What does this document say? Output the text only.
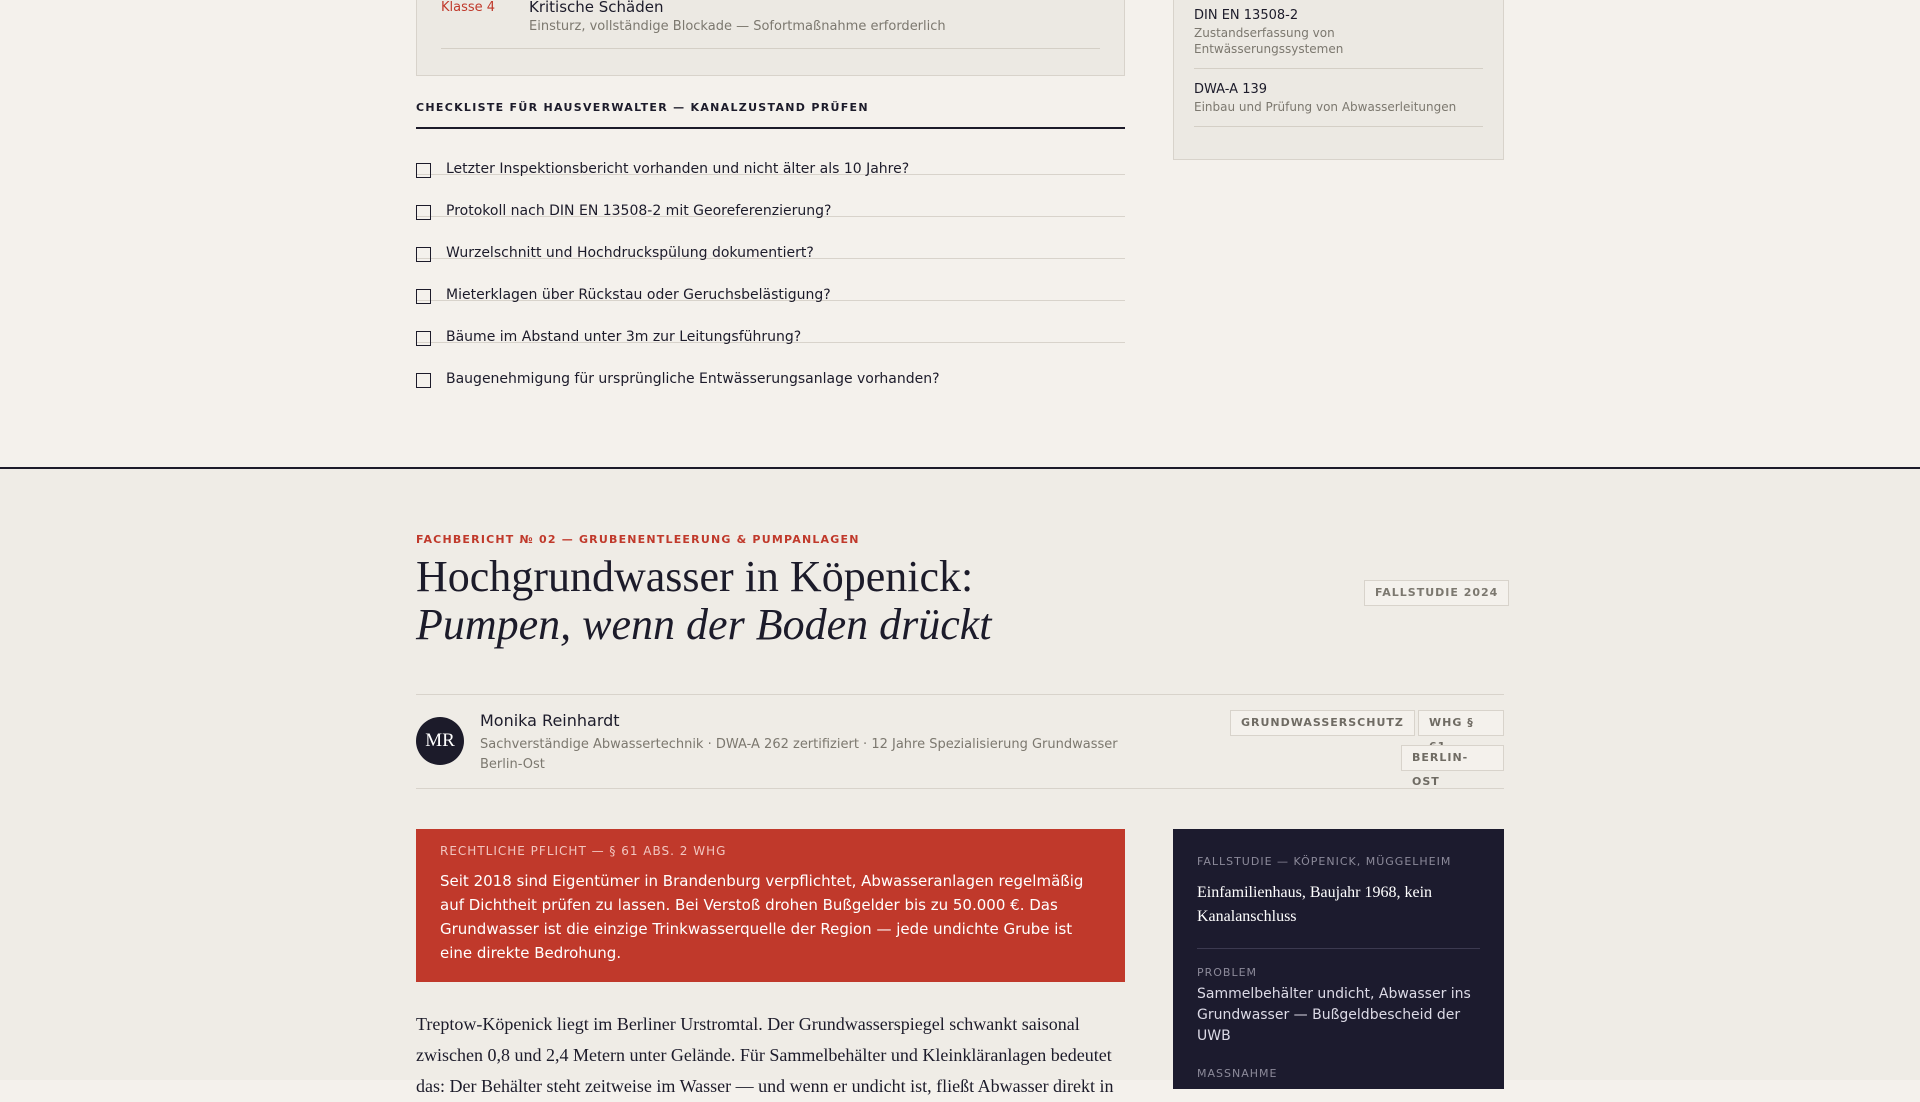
Klasse 4 Kritische Schäden
Einsturz, vollständige Blockade — Sofortmaßnahme erforderlich
CHECKLISTE FÜR HAUSVERWALTER — KANALZUSTAND PRÜFEN
Letzter Inspektionsbericht vorhanden und nicht älter als 10 Jahre?
Protokoll nach DIN EN 13508-2 mit Georeferenzierung?
Wurzelschnitt und Hochdruckspülung dokumentiert?
Mieterklagen über Rückstau oder Geruchsbelästigung?
Bäume im Abstand unter 3m zur Leitungsführung?
Baugenehmigung für ursprüngliche Entwässerungsanlage vorhanden?
DIN EN 13508-2
Zustandserfassung von Entwässerungssystemen
DWA-A 139
Einbau und Prüfung von Abwasserleitungen
FACHBERICHT № 02 — GRUBENENTLEERUNG & PUMPANLAGEN
Hochgrundwasser in Köpenick:
Pumpen, wenn der Boden drückt
FALLSTUDIE 2024
MR
Monika Reinhardt
Sachverständige Abwassertechnik · DWA-A 262 zertifiziert · 12 Jahre Spezialisierung Grundwasser Berlin-Ost
GRUNDWASSERSCHUTZ	WHG §
BERLIN-OST
RECHTLICHE PFLICHT — § 61 ABS. 2 WHG
Seit 2018 sind Eigentümer in Brandenburg verpflichtet, Abwasseranlagen regelmäßig auf Dichtheit prüfen zu lassen. Bei Verstoß drohen Bußgelder bis zu 50.000 €. Das Grundwasser ist die einzige Trinkwasserquelle der Region — jede undichte Grube ist eine direkte Bedrohung.

Treptow-Köpenick liegt im Berliner Urstromtal. Der Grundwasserspiegel schwankt saisonal zwischen 0,8 und 2,4 Metern unter Gelände. Für Sammelbehälter und Kleinkläranlagen bedeutet das: Der Behälter steht zeitweise im Wasser — und wenn er undicht ist, fließt Abwasser direkt in

FALLSTUDIE — KÖPENICK, MÜGGELHEIM
Einfamilienhaus, Baujahr 1968, kein Kanalanschluss
PROBLEM
Sammelbehälter undicht, Abwasser ins Grundwasser — Bußgeldbescheid der UWB
MASSNAHME
